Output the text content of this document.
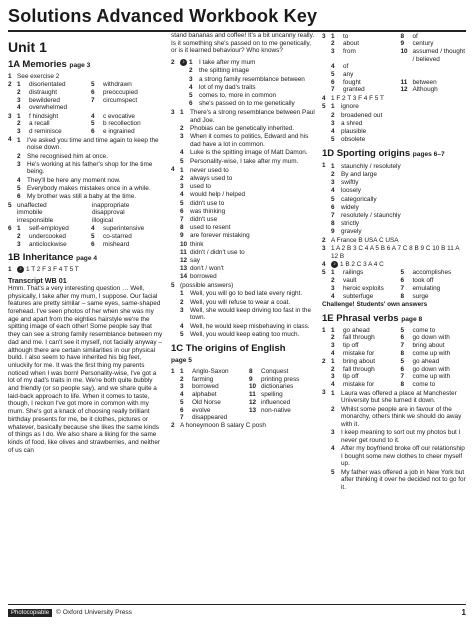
Solutions Advanced Workbook Key
Unit 1
1A Memories page 3
1 See exercise 2
2 1	disorientated	5	withdrawn
2	distraught	6	preoccupied
3	bewildered	7	circumspect
4	overwhelmed
3 1	f hindsight	4	c evocative
2	a recall	5	b recollection
3	d reminisce	6	e ingrained
4 1	I've asked you time and time again to keep the noise down.
2	She recognised him at once.
3	He's working at his father's shop for the time being.
4	They'll be here any moment now.
5	Everybody makes mistakes once in a while.
6	My brother was still a baby at the time.
5 unaffected	inappropriate
immobile	disapproval
irresponsible	illogical
6 1	self-employed	4	superintensive
2	undercooked	5	co-starred
3	anticlockwise	6	misheard
1B Inheritance page 4
1	♪ 1 T 2 F 3 F 4 T 5 T
Transcript WB 01
Hmm. That's a very interesting question … Well, physically, I take after my mum, I suppose. Our facial features are pretty similar – same eyes, same-shaped forehead. I've seen photos of her when she was my age and apart from the eighties hairstyle we're the spitting image of each other! Some people say that they can see a strong family resemblance between my dad and me. I can't see it myself, not facially anyway – although there are certain similarities in our physical build. I also seem to have inherited his big feet, unluckily for me. It was the first thing my parents noticed when I was born! Personality-wise, I've got a lot of my dad's traits in me. We're both quite bubbly and friendly (or so people say), and we share quite a laid-back approach to life. When it comes to taste, though, I reckon I've got more in common with my mum. She's got a knack of choosing really brilliant birthday presents for me, be it clothes, pictures or whatever, basically because she likes the same kinds of things as I do. We also share a liking for the same kinds of food, like olives and strawberries, and neither of us can
stand bananas and coffee! It's a bit uncanny really. Is it something she's passed on to me genetically, or is it learned behaviour? Who knows?
2	♪ 1	I take after my mum
2	the spitting image
3	a strong family resemblance between
4	lot of my dad's traits
5	comes to, more in common
6	she's passed on to me genetically
3 1	There's a strong resemblance between Paul and Joe.
2	Phobias can be genetically inherited.
3	When it comes to politics, Edward and his dad have a lot in common.
4	Luke is the spitting image of Matt Damon.
5	Personality-wise, I take after my mum.
4 1	never used to
2	always used to
3	used to
4	would help / helped
5	didn't use to
6	was thinking
7	didn't use
8	used to resent
9	are forever mistaking
10 think
11 didn't / didn't use to
12 say
13 don't / won't
14 borrowed
5 (possible answers)
1	Well, you will go to bed late every night.
2	Well, you will refuse to wear a coat.
3	Well, she would keep driving too fast in the town.
4	Well, he would keep misbehaving in class.
5	Well, you would keep eating too much.
1C The origins of English
page 5
1 1	Anglo-Saxon	8	Conquest
2	farming	9	printing press
3	borrowed	10 dictionaries
4	alphabet	11 spelling
5	Old Norse	12 influenced
6	evolve	13 non-native
7	disappeared
2 A honeymoon B salary C posh
3 1	to	8	of
2	about	9	century
3	from	10 assumed / thought / believed
4	of
5	any
6	fought	11 between
7	granted	12 Although
4 1 F 2 T 3 F 4 F 5 T
5 1	ignore
2	broadened out
3	a shred
4	plausible
5	obsolete
1D Sporting origins pages 6–7
1 1	staunchly / resolutely
2	By and large
3	swiftly
4	loosely
5	categorically
6	widely
7	resolutely / staunchly
8	strictly
9	gravely
2 A France B USA C USA
3 1 A 2 B 3 C 4 A 5 B 6 A 7 C 8 B 9 C 10 B 11 A 12 B
4	♪ 1 B 2 C 3 A 4 C
5 1	railings	5	accomplishes
2	vault	6	took off
3	heroic exploits	7	emulating
4	subterfuge	8	surge
Challenge! Students' own answers
1E Phrasal verbs page 8
1 1	go ahead	5	come to
2	fall through	6	go down with
3	tip off	7	bring about
4	mistake for	8	come up with
2 1	bring about	5	go ahead
2	fall through	6	go down with
3	tip off	7	come up with
4	mistake for	8	come to
3 1	Laura was offered a place at Manchester University but she turned it down.
2	Whilst some people are in favour of the monarchy, others think we should do away with it.
3	I keep meaning to sort out my photos but I never get round to it.
4	After my boyfriend broke off our relationship I bought some new clothes to cheer myself up.
5	My father was offered a job in New York but after thinking it over he decided not to go for it.
Photocopiable	© Oxford University Press	1
